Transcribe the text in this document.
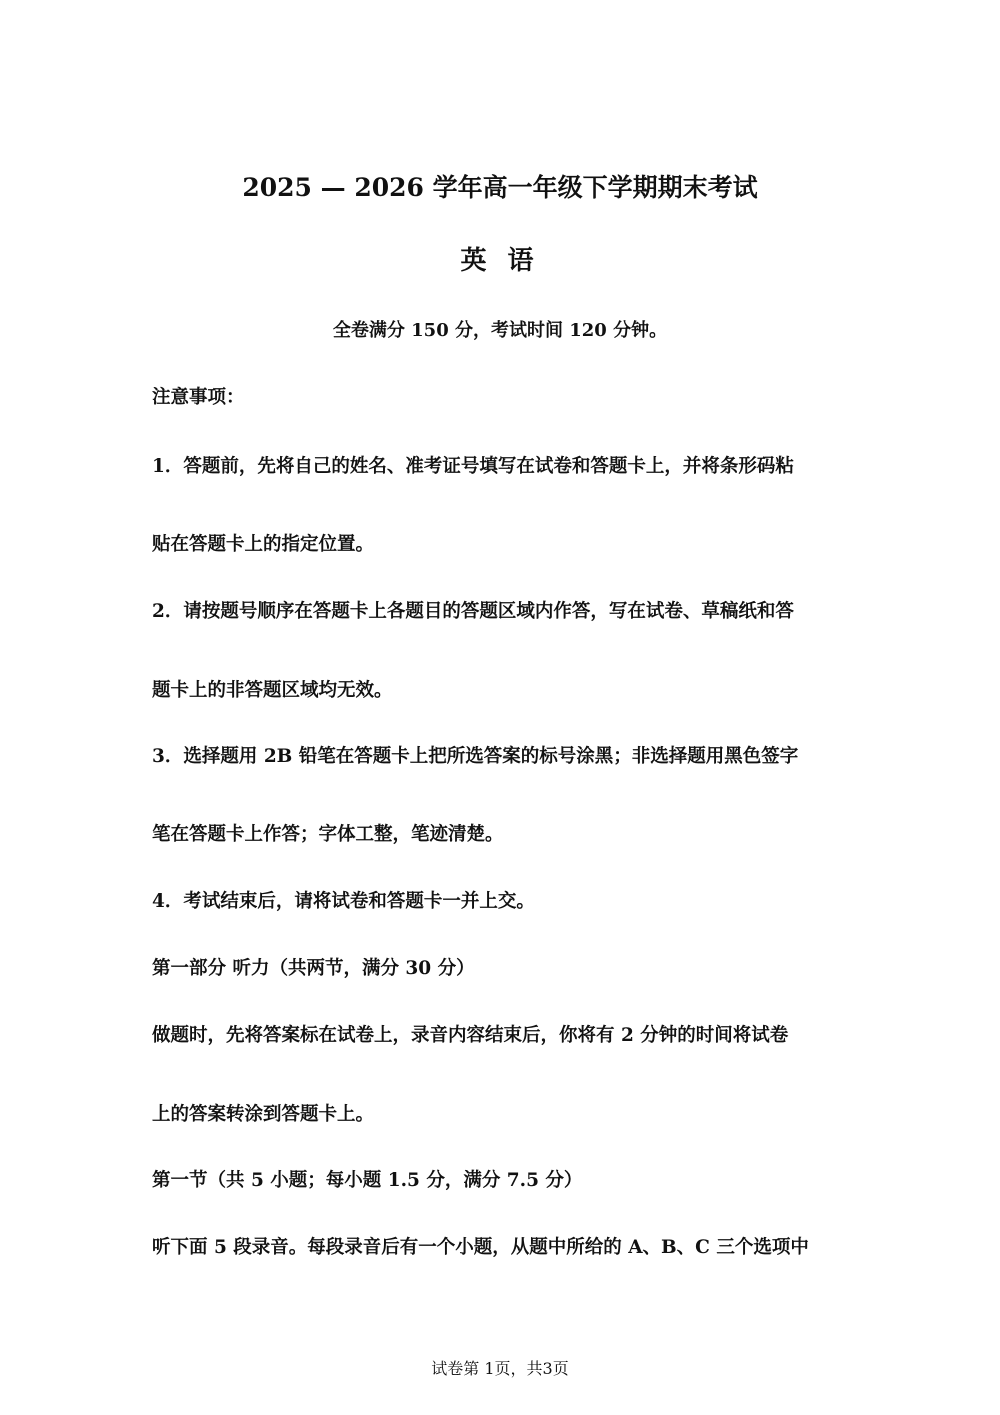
2025 — 2026 学年高一年级下学期期末考试
英 语
全卷满分 150 分，考试时间 120 分钟。
注意事项：
1．答题前，先将自己的姓名、准考证号填写在试卷和答题卡上，并将条形码粘
贴在答题卡上的指定位置。
2．请按题号顺序在答题卡上各题目的答题区域内作答，写在试卷、草稿纸和答
题卡上的非答题区域均无效。
3．选择题用 2B 铅笔在答题卡上把所选答案的标号涂黑；非选择题用黑色签字
笔在答题卡上作答；字体工整，笔迹清楚。
4．考试结束后，请将试卷和答题卡一并上交。
第一部分 听力（共两节，满分 30 分）
做题时，先将答案标在试卷上，录音内容结束后，你将有 2 分钟的时间将试卷
上的答案转涂到答题卡上。
第一节（共 5 小题；每小题 1.5 分，满分 7.5 分）
听下面 5 段录音。每段录音后有一个小题，从题中所给的 A、B、C 三个选项中
试卷第 1页，共3页
